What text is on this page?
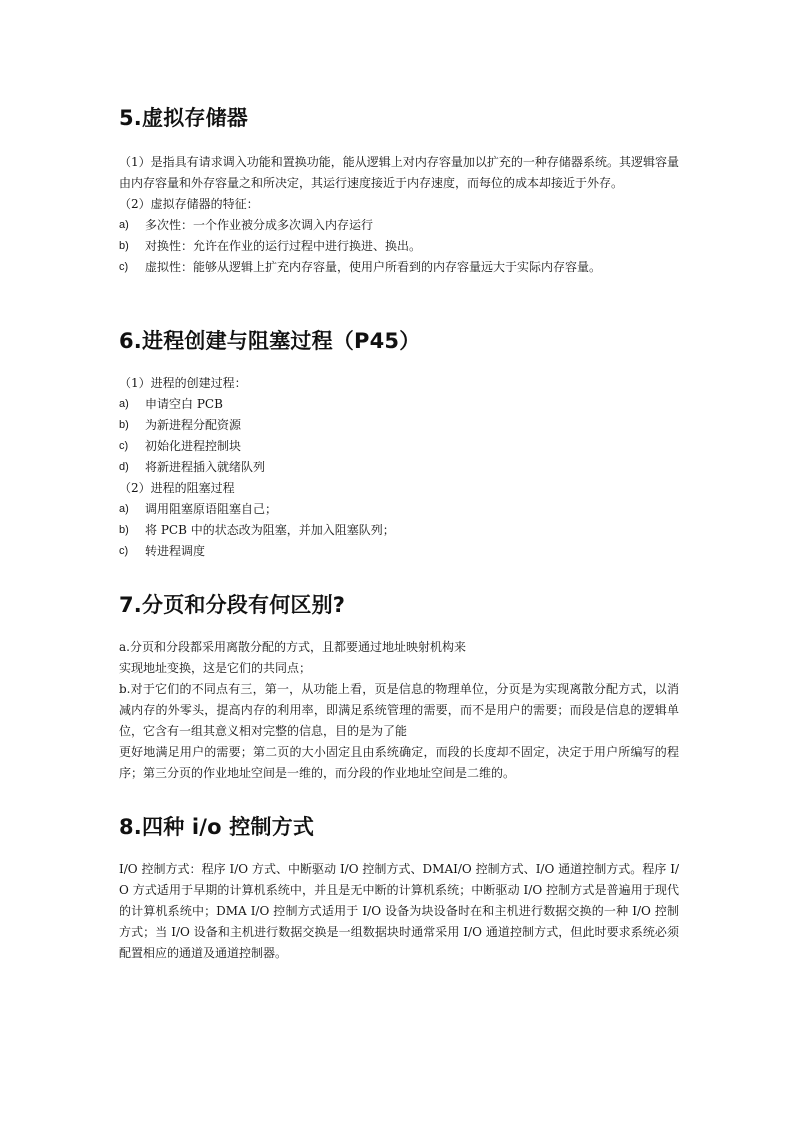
5.虚拟存储器

（1）是指具有请求调入功能和置换功能，能从逻辑上对内存容量加以扩充的一种存储器系统。其逻辑容量由内存容量和外存容量之和所决定，其运行速度接近于内存速度，而每位的成本却接近于外存。

（2）虚拟存储器的特征：

a)	多次性：一个作业被分成多次调入内存运行
b)	对换性：允许在作业的运行过程中进行换进、换出。
c)	虚拟性：能够从逻辑上扩充内存容量，使用户所看到的内存容量远大于实际内存容量。
6.进程创建与阻塞过程（P45）

（1）进程的创建过程：

a)	申请空白 PCB
b)	为新进程分配资源
c)	初始化进程控制块
d)	将新进程插入就绪队列

（2）进程的阻塞过程

a)	调用阻塞原语阻塞自己；
b)	将 PCB 中的状态改为阻塞，并加入阻塞队列；
c)	转进程调度
7.分页和分段有何区别?

a.分页和分段都采用离散分配的方式，且都要通过地址映射机构来

实现地址变换，这是它们的共同点；

b.对于它们的不同点有三，第一，从功能上看，页是信息的物理单位，分页是为实现离散分配方式，以消减内存的外零头，提高内存的利用率，即满足系统管理的需要，而不是用户的需要；而段是信息的逻辑单位，它含有一组其意义相对完整的信息，目的是为了能

更好地满足用户的需要；第二页的大小固定且由系统确定，而段的长度却不固定，决定于用户所编写的程序；第三分页的作业地址空间是一维的，而分段的作业地址空间是二维的。

8.四种 i/o 控制方式

I/O 控制方式：程序 I/O 方式、中断驱动 I/O 控制方式、DMAI/O 控制方式、I/O 通道控制方式。程序 I/O 方式适用于早期的计算机系统中，并且是无中断的计算机系统；中断驱动 I/O 控制方式是普遍用于现代的计算机系统中；DMA I/O 控制方式适用于 I/O 设备为块设备时在和主机进行数据交换的一种 I/O 控制方式；当 I/O 设备和主机进行数据交换是一组数据块时通常采用 I/O 通道控制方式，但此时要求系统必须配置相应的通道及通道控制器。
